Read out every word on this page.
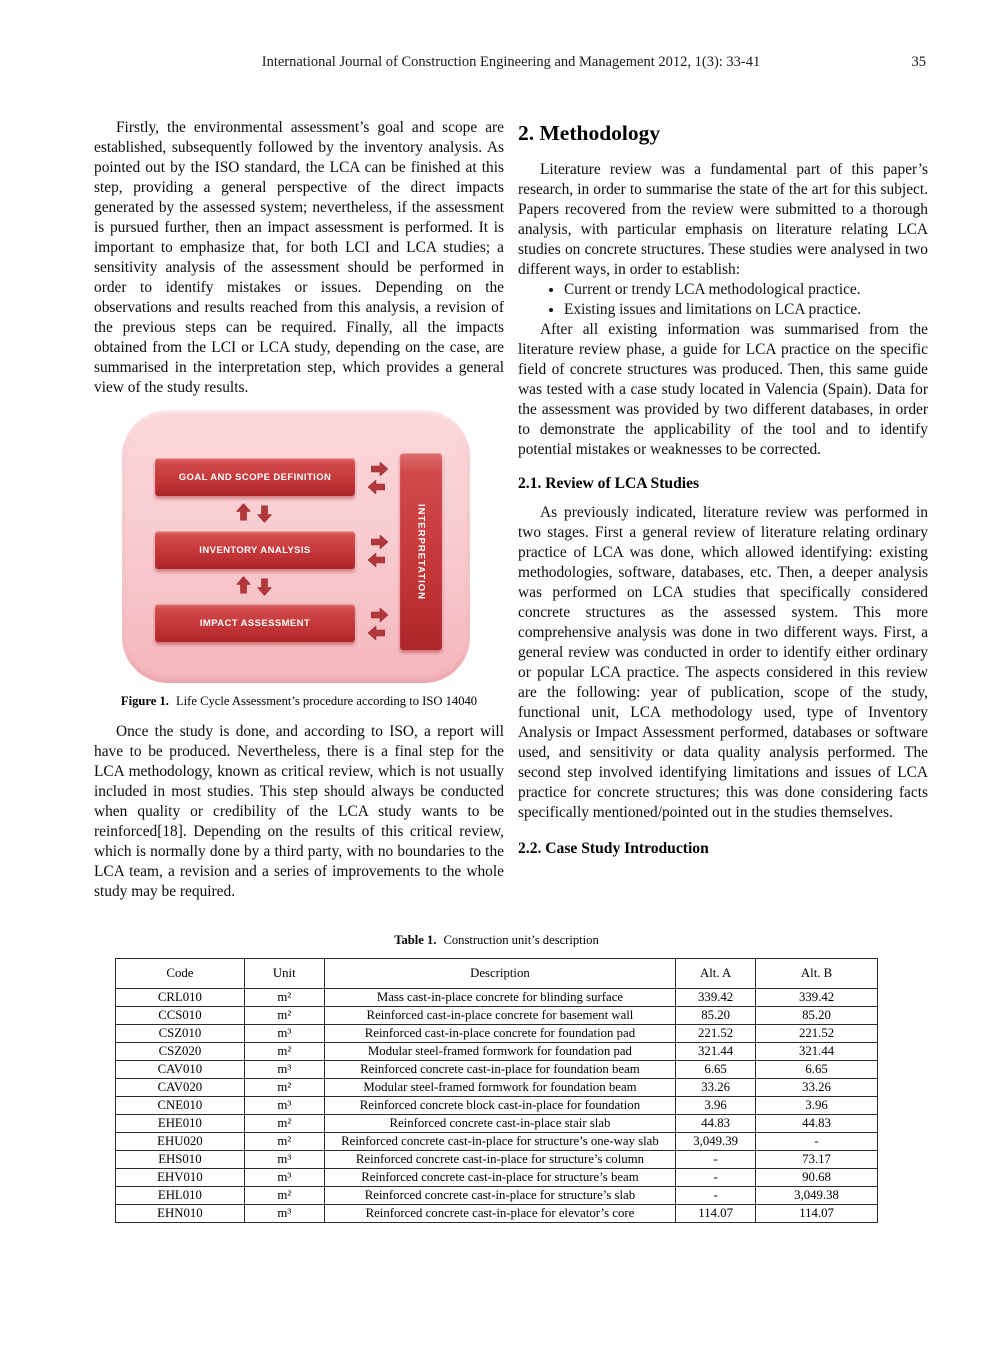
International Journal of Construction Engineering and Management 2012, 1(3): 33-41	35

Firstly, the environmental assessment’s goal and scope are established, subsequently followed by the inventory analysis. As pointed out by the ISO standard, the LCA can be finished at this step, providing a general perspective of the direct impacts generated by the assessed system; nevertheless, if the assessment is pursued further, then an impact assessment is performed. It is important to emphasize that, for both LCI and LCA studies; a sensitivity analysis of the assessment should be performed in order to identify mistakes or issues. Depending on the observations and results reached from this analysis, a revision of the previous steps can be required. Finally, all the impacts obtained from the LCI or LCA study, depending on the case, are summarised in the interpretation step, which provides a general view of the study results.

GOAL AND SCOPE DEFINITION
INVENTORY ANALYSIS
IMPACT ASSESSMENT
INTERPRETATION
Figure 1. Life Cycle Assessment’s procedure according to ISO 14040

Once the study is done, and according to ISO, a report will have to be produced. Nevertheless, there is a final step for the LCA methodology, known as critical review, which is not usually included in most studies. This step should always be conducted when quality or credibility of the LCA study wants to be reinforced[18]. Depending on the results of this critical review, which is normally done by a third party, with no boundaries to the LCA team, a revision and a series of improvements to the whole study may be required.

2. Methodology

Literature review was a fundamental part of this paper’s research, in order to summarise the state of the art for this subject. Papers recovered from the review were submitted to a thorough analysis, with particular emphasis on literature relating LCA studies on concrete structures. These studies were analysed in two different ways, in order to establish:

• Current or trendy LCA methodological practice.
• Existing issues and limitations on LCA practice.

After all existing information was summarised from the literature review phase, a guide for LCA practice on the specific field of concrete structures was produced. Then, this same guide was tested with a case study located in Valencia (Spain). Data for the assessment was provided by two different databases, in order to demonstrate the applicability of the tool and to identify potential mistakes or weaknesses to be corrected.

2.1. Review of LCA Studies

As previously indicated, literature review was performed in two stages. First a general review of literature relating ordinary practice of LCA was done, which allowed identifying: existing methodologies, software, databases, etc. Then, a deeper analysis was performed on LCA studies that specifically considered concrete structures as the assessed system. This more comprehensive analysis was done in two different ways. First, a general review was conducted in order to identify either ordinary or popular LCA practice. The aspects considered in this review are the following: year of publication, scope of the study, functional unit, LCA methodology used, type of Inventory Analysis or Impact Assessment performed, databases or software used, and sensitivity or data quality analysis performed. The second step involved identifying limitations and issues of LCA practice for concrete structures; this was done considering facts specifically mentioned/pointed out in the studies themselves.

2.2. Case Study Introduction
Table 1. Construction unit’s description
Code	Unit	Description	Alt. A	Alt. B
CRL010	m²	Mass cast-in-place concrete for blinding surface	339.42	339.42
CCS010	m²	Reinforced cast-in-place concrete for basement wall	85.20	85.20
CSZ010	m³	Reinforced cast-in-place concrete for foundation pad	221.52	221.52
CSZ020	m²	Modular steel-framed formwork for foundation pad	321.44	321.44
CAV010	m³	Reinforced concrete cast-in-place for foundation beam	6.65	6.65
CAV020	m²	Modular steel-framed formwork for foundation beam	33.26	33.26
CNE010	m³	Reinforced concrete block cast-in-place for foundation	3.96	3.96
EHE010	m²	Reinforced concrete cast-in-place stair slab	44.83	44.83
EHU020	m²	Reinforced concrete cast-in-place for structure’s one-way slab	3,049.39	-
EHS010	m³	Reinforced concrete cast-in-place for structure’s column	-	73.17
EHV010	m³	Reinforced concrete cast-in-place for structure’s beam	-	90.68
EHL010	m²	Reinforced concrete cast-in-place for structure’s slab	-	3,049.38
EHN010	m³	Reinforced concrete cast-in-place for elevator’s core	114.07	114.07
